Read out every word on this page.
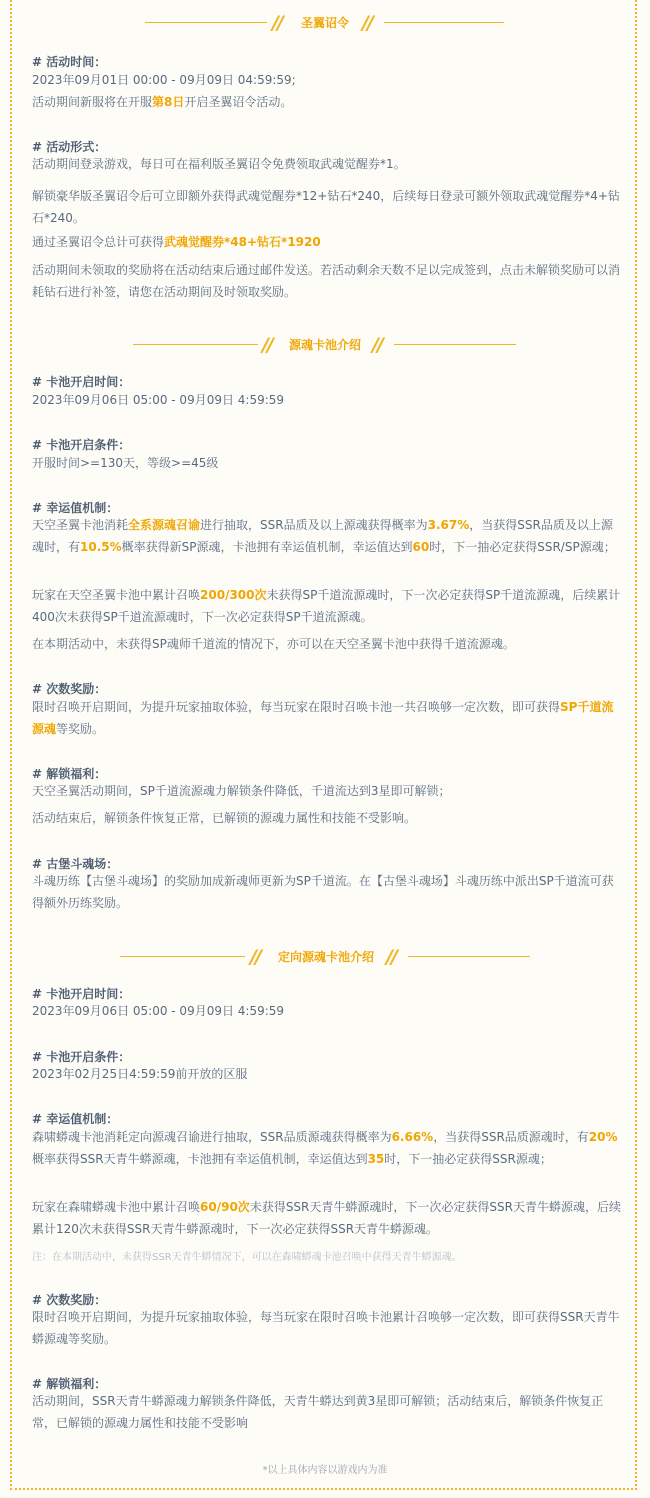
//	圣翼诏令 //
# 活动时间：
2023年09月01日 00:00 - 09月09日 04:59:59;
活动期间新服将在开服第8日开启圣翼诏令活动。
# 活动形式：
活动期间登录游戏，每日可在福利版圣翼诏令免费领取武魂觉醒券*1。
解锁豪华版圣翼诏令后可立即额外获得武魂觉醒券*12+钻石*240，后续每日登录可额外领取武魂觉醒券*4+钻石*240。
通过圣翼诏令总计可获得武魂觉醒券*48+钻石*1920
活动期间未领取的奖励将在活动结束后通过邮件发送。若活动剩余天数不足以完成签到，点击未解锁奖励可以消耗钻石进行补签，请您在活动期间及时领取奖励。
//	源魂卡池介绍 //
# 卡池开启时间：
2023年09月06日 05:00 - 09月09日 4:59:59
# 卡池开启条件：
开服时间>=130天，等级>=45级
# 幸运值机制：
天空圣翼卡池消耗全系源魂召谕进行抽取，SSR品质及以上源魂获得概率为3.67%，当获得SSR品质及以上源魂时，有10.5%概率获得新SP源魂，卡池拥有幸运值机制，幸运值达到60时，下一抽必定获得SSR/SP源魂；
玩家在天空圣翼卡池中累计召唤200/300次未获得SP千道流源魂时，下一次必定获得SP千道流源魂，后续累计400次未获得SP千道流源魂时，下一次必定获得SP千道流源魂。
在本期活动中，未获得SP魂师千道流的情况下，亦可以在天空圣翼卡池中获得千道流源魂。
# 次数奖励：
限时召唤开启期间，为提升玩家抽取体验，每当玩家在限时召唤卡池一共召唤够一定次数，即可获得SP千道流源魂等奖励。
# 解锁福利：
天空圣翼活动期间，SP千道流源魂力解锁条件降低，千道流达到3星即可解锁；
活动结束后，解锁条件恢复正常，已解锁的源魂力属性和技能不受影响。
# 古堡斗魂场：
斗魂历练【古堡斗魂场】的奖励加成新魂师更新为SP千道流。在【古堡斗魂场】斗魂历练中派出SP千道流可获得额外历练奖励。
//	定向源魂卡池介绍 //
# 卡池开启时间：
2023年09月06日 05:00 - 09月09日 4:59:59
# 卡池开启条件：
2023年02月25日4:59:59前开放的区服
# 幸运值机制：
森啸蟒魂卡池消耗定向源魂召谕进行抽取，SSR品质源魂获得概率为6.66%，当获得SSR品质源魂时，有20%概率获得SSR天青牛蟒源魂，卡池拥有幸运值机制，幸运值达到35时，下一抽必定获得SSR源魂；
玩家在森啸蟒魂卡池中累计召唤60/90次未获得SSR天青牛蟒源魂时，下一次必定获得SSR天青牛蟒源魂，后续累计120次未获得SSR天青牛蟒源魂时，下一次必定获得SSR天青牛蟒源魂。
注：在本期活动中，未获得SSR天青牛蟒情况下，可以在森啸蟒魂卡池召唤中获得天青牛蟒源魂。
# 次数奖励：
限时召唤开启期间，为提升玩家抽取体验，每当玩家在限时召唤卡池累计召唤够一定次数，即可获得SSR天青牛蟒源魂等奖励。
# 解锁福利：
活动期间，SSR天青牛蟒源魂力解锁条件降低，天青牛蟒达到黄3星即可解锁；活动结束后，解锁条件恢复正常，已解锁的源魂力属性和技能不受影响
*以上具体内容以游戏内为准
